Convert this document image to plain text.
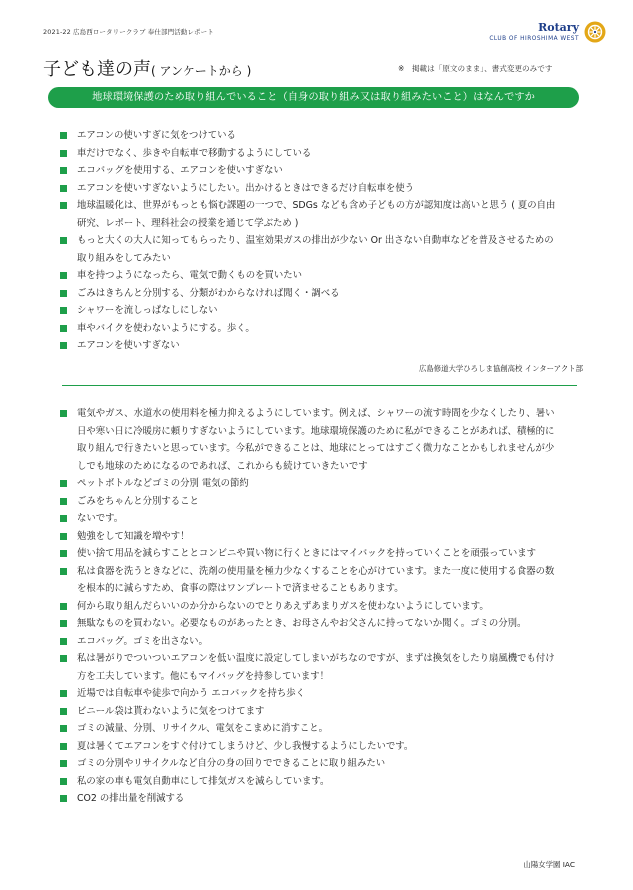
2021-22 広島西ロータリークラブ 奉仕部門活動レポート	Rotary
CLUB OF HIROSHIMA WEST
子ども達の声( アンケートから )	※　掲載は「原文のまま」、書式変更のみです
地球環境保護のため取り組んでいること（自身の取り組み又は取り組みたいこと）はなんですか
エアコンの使いすぎに気をつけている
車だけでなく、歩きや自転車で移動するようにしている
エコバッグを使用する、エアコンを使いすぎない
エアコンを使いすぎないようにしたい。出かけるときはできるだけ自転車を使う
地球温暖化は、世界がもっとも悩む課題の一つで、SDGs なども含め子どもの方が認知度は高いと思う ( 夏の自由研究、レポート、理科社会の授業を通じて学ぶため )
もっと大くの大人に知ってもらったり、温室効果ガスの排出が少ない Or 出さない自動車などを普及させるための取り組みをしてみたい
車を持つようになったら、電気で動くものを買いたい
ごみはきちんと分別する、分類がわからなければ聞く・調べる
シャワーを流しっぱなしにしない
車やバイクを使わないようにする。歩く。
エアコンを使いすぎない
広島修道大学ひろしま協創高校 インターアクト部
電気やガス、水道水の使用料を極力抑えるようにしています。例えば、シャワーの流す時間を少なくしたり、暑い日や寒い日に冷暖房に頼りすぎないようにしています。地球環境保護のために私ができることがあれば、積極的に取り組んで行きたいと思っています。今私ができることは、地球にとってはすごく微力なことかもしれませんが少しでも地球のためになるのであれば、これからも続けていきたいです
ペットボトルなどゴミの分別 電気の節約
ごみをちゃんと分別すること
ないです。
勉強をして知識を増やす！
使い捨て用品を減らすこととコンビニや買い物に行くときにはマイバックを持っていくことを頑張っています
私は食器を洗うときなどに、洗剤の使用量を極力少なくすることを心がけています。また一度に使用する食器の数を根本的に減らすため、食事の際はワンプレートで済ませることもあります。
何から取り組んだらいいのか分からないのでとりあえずあまりガスを使わないようにしています。
無駄なものを買わない。必要なものがあったとき、お母さんやお父さんに持ってないか聞く。ゴミの分別。
エコバッグ。ゴミを出さない。
私は暑がりでついついエアコンを低い温度に設定してしまいがちなのですが、まずは換気をしたり扇風機でも付け方を工夫しています。他にもマイバッグを持参しています！
近場では自転車や徒歩で向かう エコバックを持ち歩く
ビニール袋は貰わないように気をつけてます
ゴミの減量、分別、リサイクル、電気をこまめに消すこと。
夏は暑くてエアコンをすぐ付けてしまうけど、少し我慢するようにしたいです。
ゴミの分別やリサイクルなど自分の身の回りでできることに取り組みたい
私の家の車も電気自動車にして排気ガスを減らしています。
CO2 の排出量を削減する
山陽女学園 IAC
